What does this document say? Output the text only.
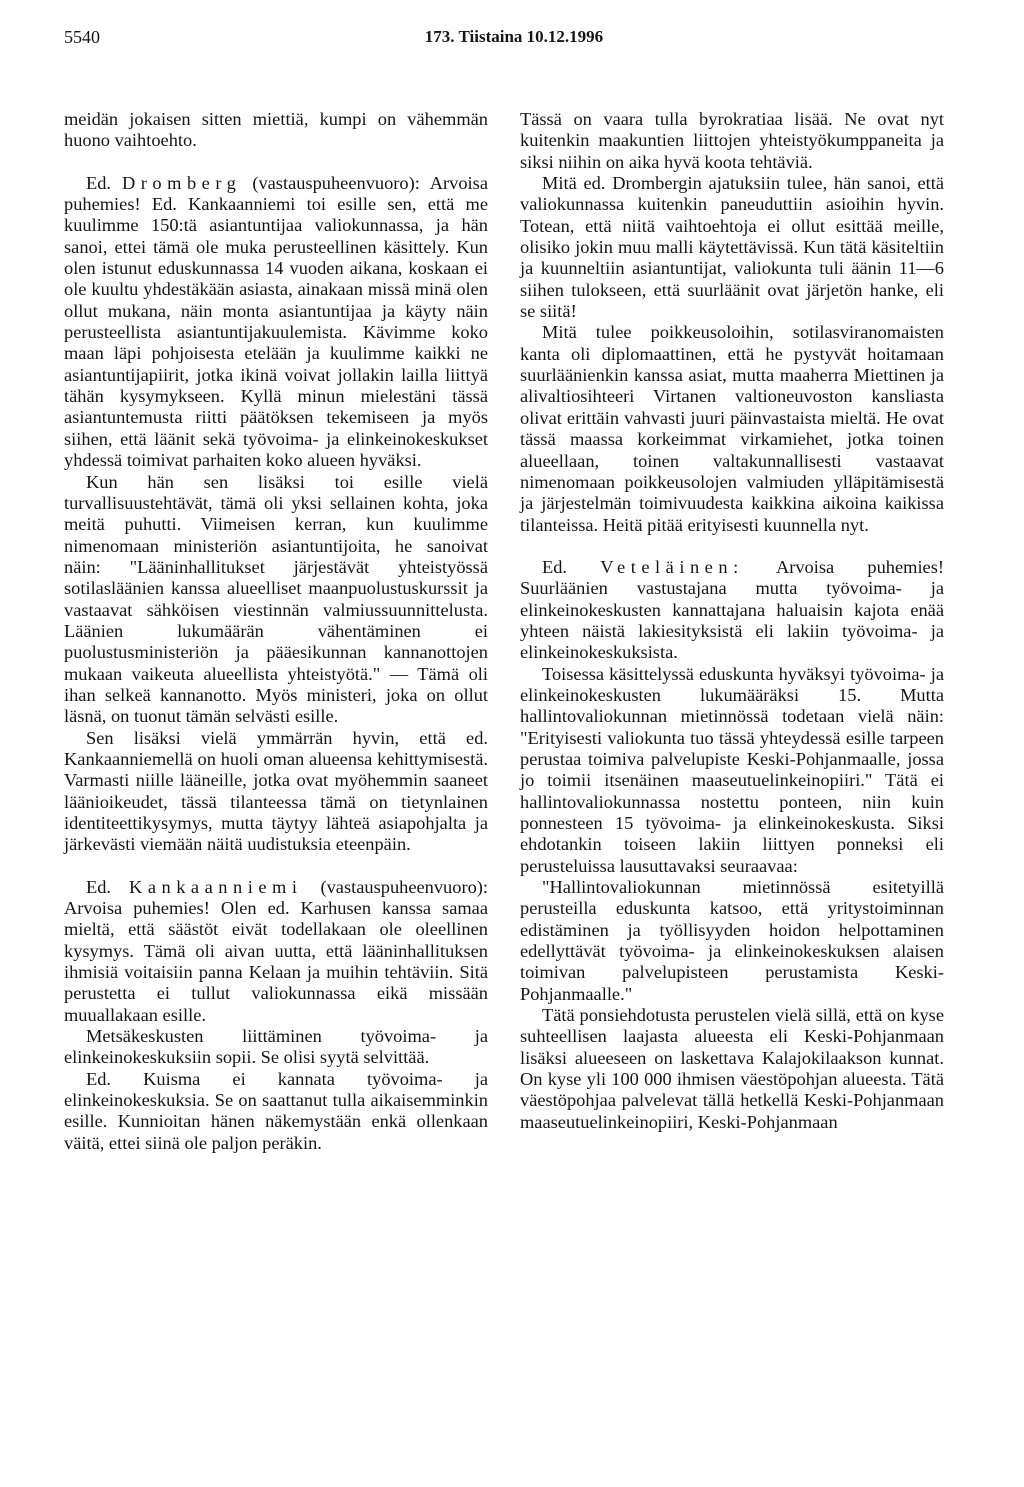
5540	173. Tiistaina 10.12.1996

meidän jokaisen sitten miettiä, kumpi on vähemmän huono vaihtoehto.

Ed. Dromberg (vastauspuheenvuoro): Arvoisa puhemies! Ed. Kankaanniemi toi esille sen, että me kuulimme 150:tä asiantuntijaa valiokunnassa, ja hän sanoi, ettei tämä ole muka perusteellinen käsittely. Kun olen istunut eduskunnassa 14 vuoden aikana, koskaan ei ole kuultu yhdestäkään asiasta, ainakaan missä minä olen ollut mukana, näin monta asiantuntijaa ja käyty näin perusteellista asiantuntijakuulemista. Kävimme koko maan läpi pohjoisesta etelään ja kuulimme kaikki ne asiantuntijapiirit, jotka ikinä voivat jollakin lailla liittyä tähän kysymykseen. Kyllä minun mielestäni tässä asiantuntemusta riitti päätöksen tekemiseen ja myös siihen, että läänit sekä työvoima- ja elinkeinokeskukset yhdessä toimivat parhaiten koko alueen hyväksi.

Kun hän sen lisäksi toi esille vielä turvallisuustehtävät, tämä oli yksi sellainen kohta, joka meitä puhutti. Viimeisen kerran, kun kuulimme nimenomaan ministeriön asiantuntijoita, he sanoivat näin: "Lääninhallitukset järjestävät yhteistyössä sotilasläänien kanssa alueelliset maanpuolustuskurssit ja vastaavat sähköisen viestinnän valmiussuunnittelusta. Läänien lukumäärän vähentäminen ei puolustusministeriön ja pääesikunnan kannanottojen mukaan vaikeuta alueellista yhteistyötä." — Tämä oli ihan selkeä kannanotto. Myös ministeri, joka on ollut läsnä, on tuonut tämän selvästi esille.

Sen lisäksi vielä ymmärrän hyvin, että ed. Kankaanniemellä on huoli oman alueensa kehittymisestä. Varmasti niille lääneille, jotka ovat myöhemmin saaneet läänioikeudet, tässä tilanteessa tämä on tietynlainen identiteettikysymys, mutta täytyy lähteä asiapohjalta ja järkevästi viemään näitä uudistuksia eteenpäin.

Ed. Kankaanniemi (vastauspuheenvuoro): Arvoisa puhemies! Olen ed. Karhusen kanssa samaa mieltä, että säästöt eivät todellakaan ole oleellinen kysymys. Tämä oli aivan uutta, että lääninhallituksen ihmisiä voitaisiin panna Kelaan ja muihin tehtäviin. Sitä perustetta ei tullut valiokunnassa eikä missään muuallakaan esille.

Metsäkeskusten liittäminen työvoima- ja elinkeinokeskuksiin sopii. Se olisi syytä selvittää.

Ed. Kuisma ei kannata työvoima- ja elinkeinokeskuksia. Se on saattanut tulla aikaisemminkin esille. Kunnioitan hänen näkemystään enkä ollenkaan väitä, ettei siinä ole paljon peräkin.

Tässä on vaara tulla byrokratiaa lisää. Ne ovat nyt kuitenkin maakuntien liittojen yhteistyökumppaneita ja siksi niihin on aika hyvä koota tehtäviä.

Mitä ed. Drombergin ajatuksiin tulee, hän sanoi, että valiokunnassa kuitenkin paneuduttiin asioihin hyvin. Totean, että niitä vaihtoehtoja ei ollut esittää meille, olisiko jokin muu malli käytettävissä. Kun tätä käsiteltiin ja kuunneltiin asiantuntijat, valiokunta tuli äänin 11—6 siihen tulokseen, että suurläänit ovat järjetön hanke, eli se siitä!

Mitä tulee poikkeusoloihin, sotilasviranomaisten kanta oli diplomaattinen, että he pystyvät hoitamaan suurläänienkin kanssa asiat, mutta maaherra Miettinen ja alivaltiosihteeri Virtanen valtioneuvoston kansliasta olivat erittäin vahvasti juuri päinvastaista mieltä. He ovat tässä maassa korkeimmat virkamiehet, jotka toinen alueellaan, toinen valtakunnallisesti vastaavat nimenomaan poikkeusolojen valmiuden ylläpitämisestä ja järjestelmän toimivuudesta kaikkina aikoina kaikissa tilanteissa. Heitä pitää erityisesti kuunnella nyt.

Ed. Veteläinen: Arvoisa puhemies! Suurläänien vastustajana mutta työvoima- ja elinkeinokeskusten kannattajana haluaisin kajota enää yhteen näistä lakiesityksistä eli lakiin työvoima- ja elinkeinokeskuksista.

Toisessa käsittelyssä eduskunta hyväksyi työvoima- ja elinkeinokeskusten lukumääräksi 15. Mutta hallintovaliokunnan mietinnössä todetaan vielä näin: "Erityisesti valiokunta tuo tässä yhteydessä esille tarpeen perustaa toimiva palvelupiste Keski-Pohjanmaalle, jossa jo toimii itsenäinen maaseutuelinkeinopiiri." Tätä ei hallintovaliokunnassa nostettu ponteen, niin kuin ponnesteen 15 työvoima- ja elinkeinokeskusta. Siksi ehdotankin toiseen lakiin liittyen ponneksi eli perusteluissa lausuttavaksi seuraavaa:

"Hallintovaliokunnan mietinnössä esitetyillä perusteilla eduskunta katsoo, että yritystoiminnan edistäminen ja työllisyyden hoidon helpottaminen edellyttävät työvoima- ja elinkeinokeskuksen alaisen toimivan palvelupisteen perustamista Keski-Pohjanmaalle."

Tätä ponsiehdotusta perustelen vielä sillä, että on kyse suhteellisen laajasta alueesta eli Keski-Pohjanmaan lisäksi alueeseen on laskettava Kalajokilaakson kunnat. On kyse yli 100 000 ihmisen väestöpohjan alueesta. Tätä väestöpohjaa palvelevat tällä hetkellä Keski-Pohjanmaan maaseutuelinkeinopiiri, Keski-Pohjanmaan
